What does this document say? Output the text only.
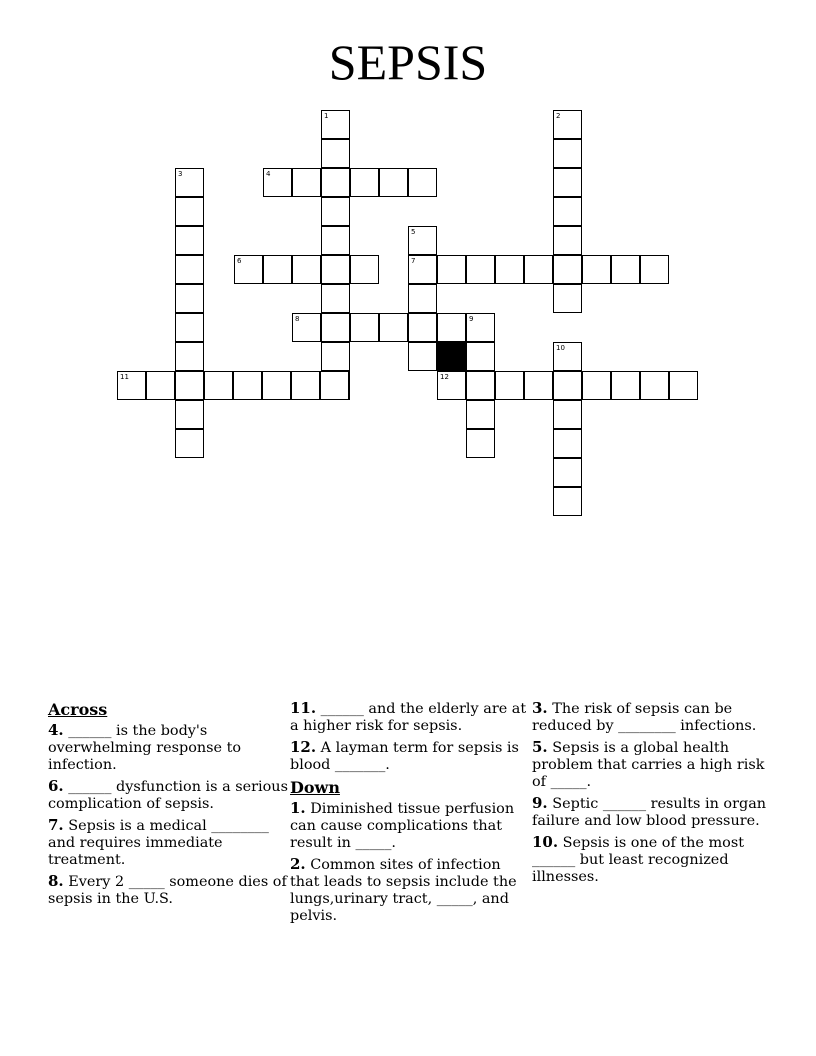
SEPSIS
1	2
3	4
5
7
6
8	9
10
11	12
Across
4. ______ is the body's overwhelming response to infection.
6. ______ dysfunction is a serious complication of sepsis.
7. Sepsis is a medical ________ and requires immediate treatment.
8. Every 2 _____ someone dies of sepsis in the U.S.
11. ______ and the elderly are at a higher risk for sepsis.
12. A layman term for sepsis is blood _______.
Down
1. Diminished tissue perfusion can cause complications that result in _____.
2. Common sites of infection that leads to sepsis include the lungs,urinary tract, _____, and pelvis.
3. The risk of sepsis can be reduced by ________ infections.
5. Sepsis is a global health problem that carries a high risk of _____.
9. Septic ______ results in organ failure and low blood pressure.
10. Sepsis is one of the most ______ but least recognized illnesses.
